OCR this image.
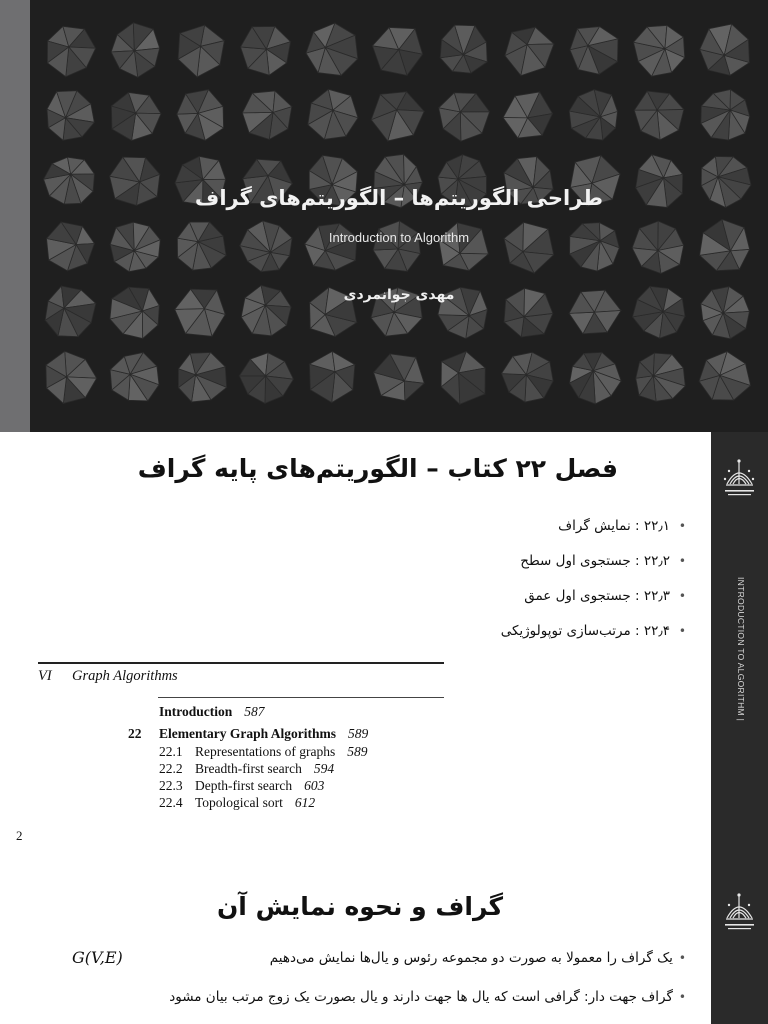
طراحی الگوریتم‌ها – الگوریتم‌های گراف
Introduction to Algorithm
مهدی جوانمردی
فصل ۲۲ کتاب – الگوریتم‌های پایه گراف
•
۲۲٫۱ : نمایش گراف
•
۲۲٫۲ : جستجوی اول سطح
•
۲۲٫۳ : جستجوی اول عمق
•
۲۲٫۴ : مرتب‌سازی توپولوژیکی
VI Graph Algorithms
Introduction 587
22 Elementary Graph Algorithms 589
22.1 Representations of graphs 589
22.2 Breadth-first search 594
22.3 Depth-first search 603
22.4 Topological sort 612
2
INTRODUCTION TO ALGORITHM |
گراف و نحوه نمایش آن
•یک گراف را معمولا به صورت دو مجموعه رئوس و یال‌ها نمایش می‌دهیم
G(V,E)
•گراف جهت دار: گرافی است که یال ها جهت دارند و یال بصورت یک زوج مرتب بیان مشود
